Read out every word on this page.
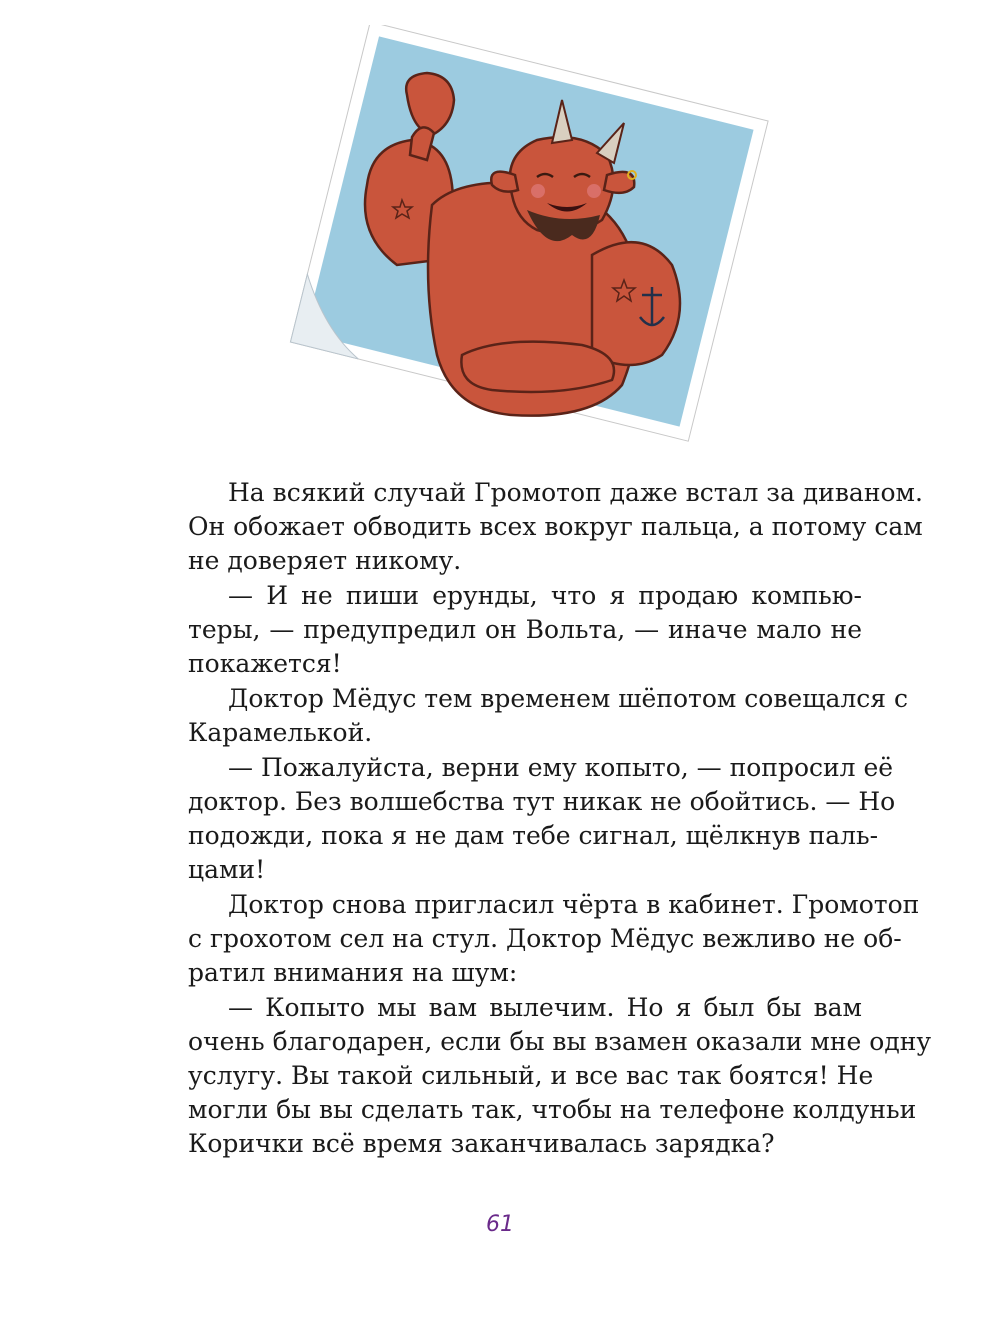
На всякий случай Громотоп даже встал за диваном.
Он обожает обводить всех вокруг пальца, а потому сам
не доверяет никому.

— И не пиши ерунды, что я продаю компью-
теры, — предупредил он Вольта, — иначе мало не
покажется!

Доктор Мёдус тем временем шёпотом совещался с
Карамелькой.

— Пожалуйста, верни ему копыто, — попросил её
доктор. Без волшебства тут никак не обойтись. — Но
подожди, пока я не дам тебе сигнал, щёлкнув паль-
цами!

Доктор снова пригласил чёрта в кабинет. Громотоп
с грохотом сел на стул. Доктор Мёдус вежливо не об-
ратил внимания на шум:

— Копыто мы вам вылечим. Но я был бы вам
очень благодарен, если бы вы взамен оказали мне одну
услугу. Вы такой сильный, и все вас так боятся! Не
могли бы вы сделать так, чтобы на телефоне колдуньи
Корички всё время заканчивалась зарядка?

61
